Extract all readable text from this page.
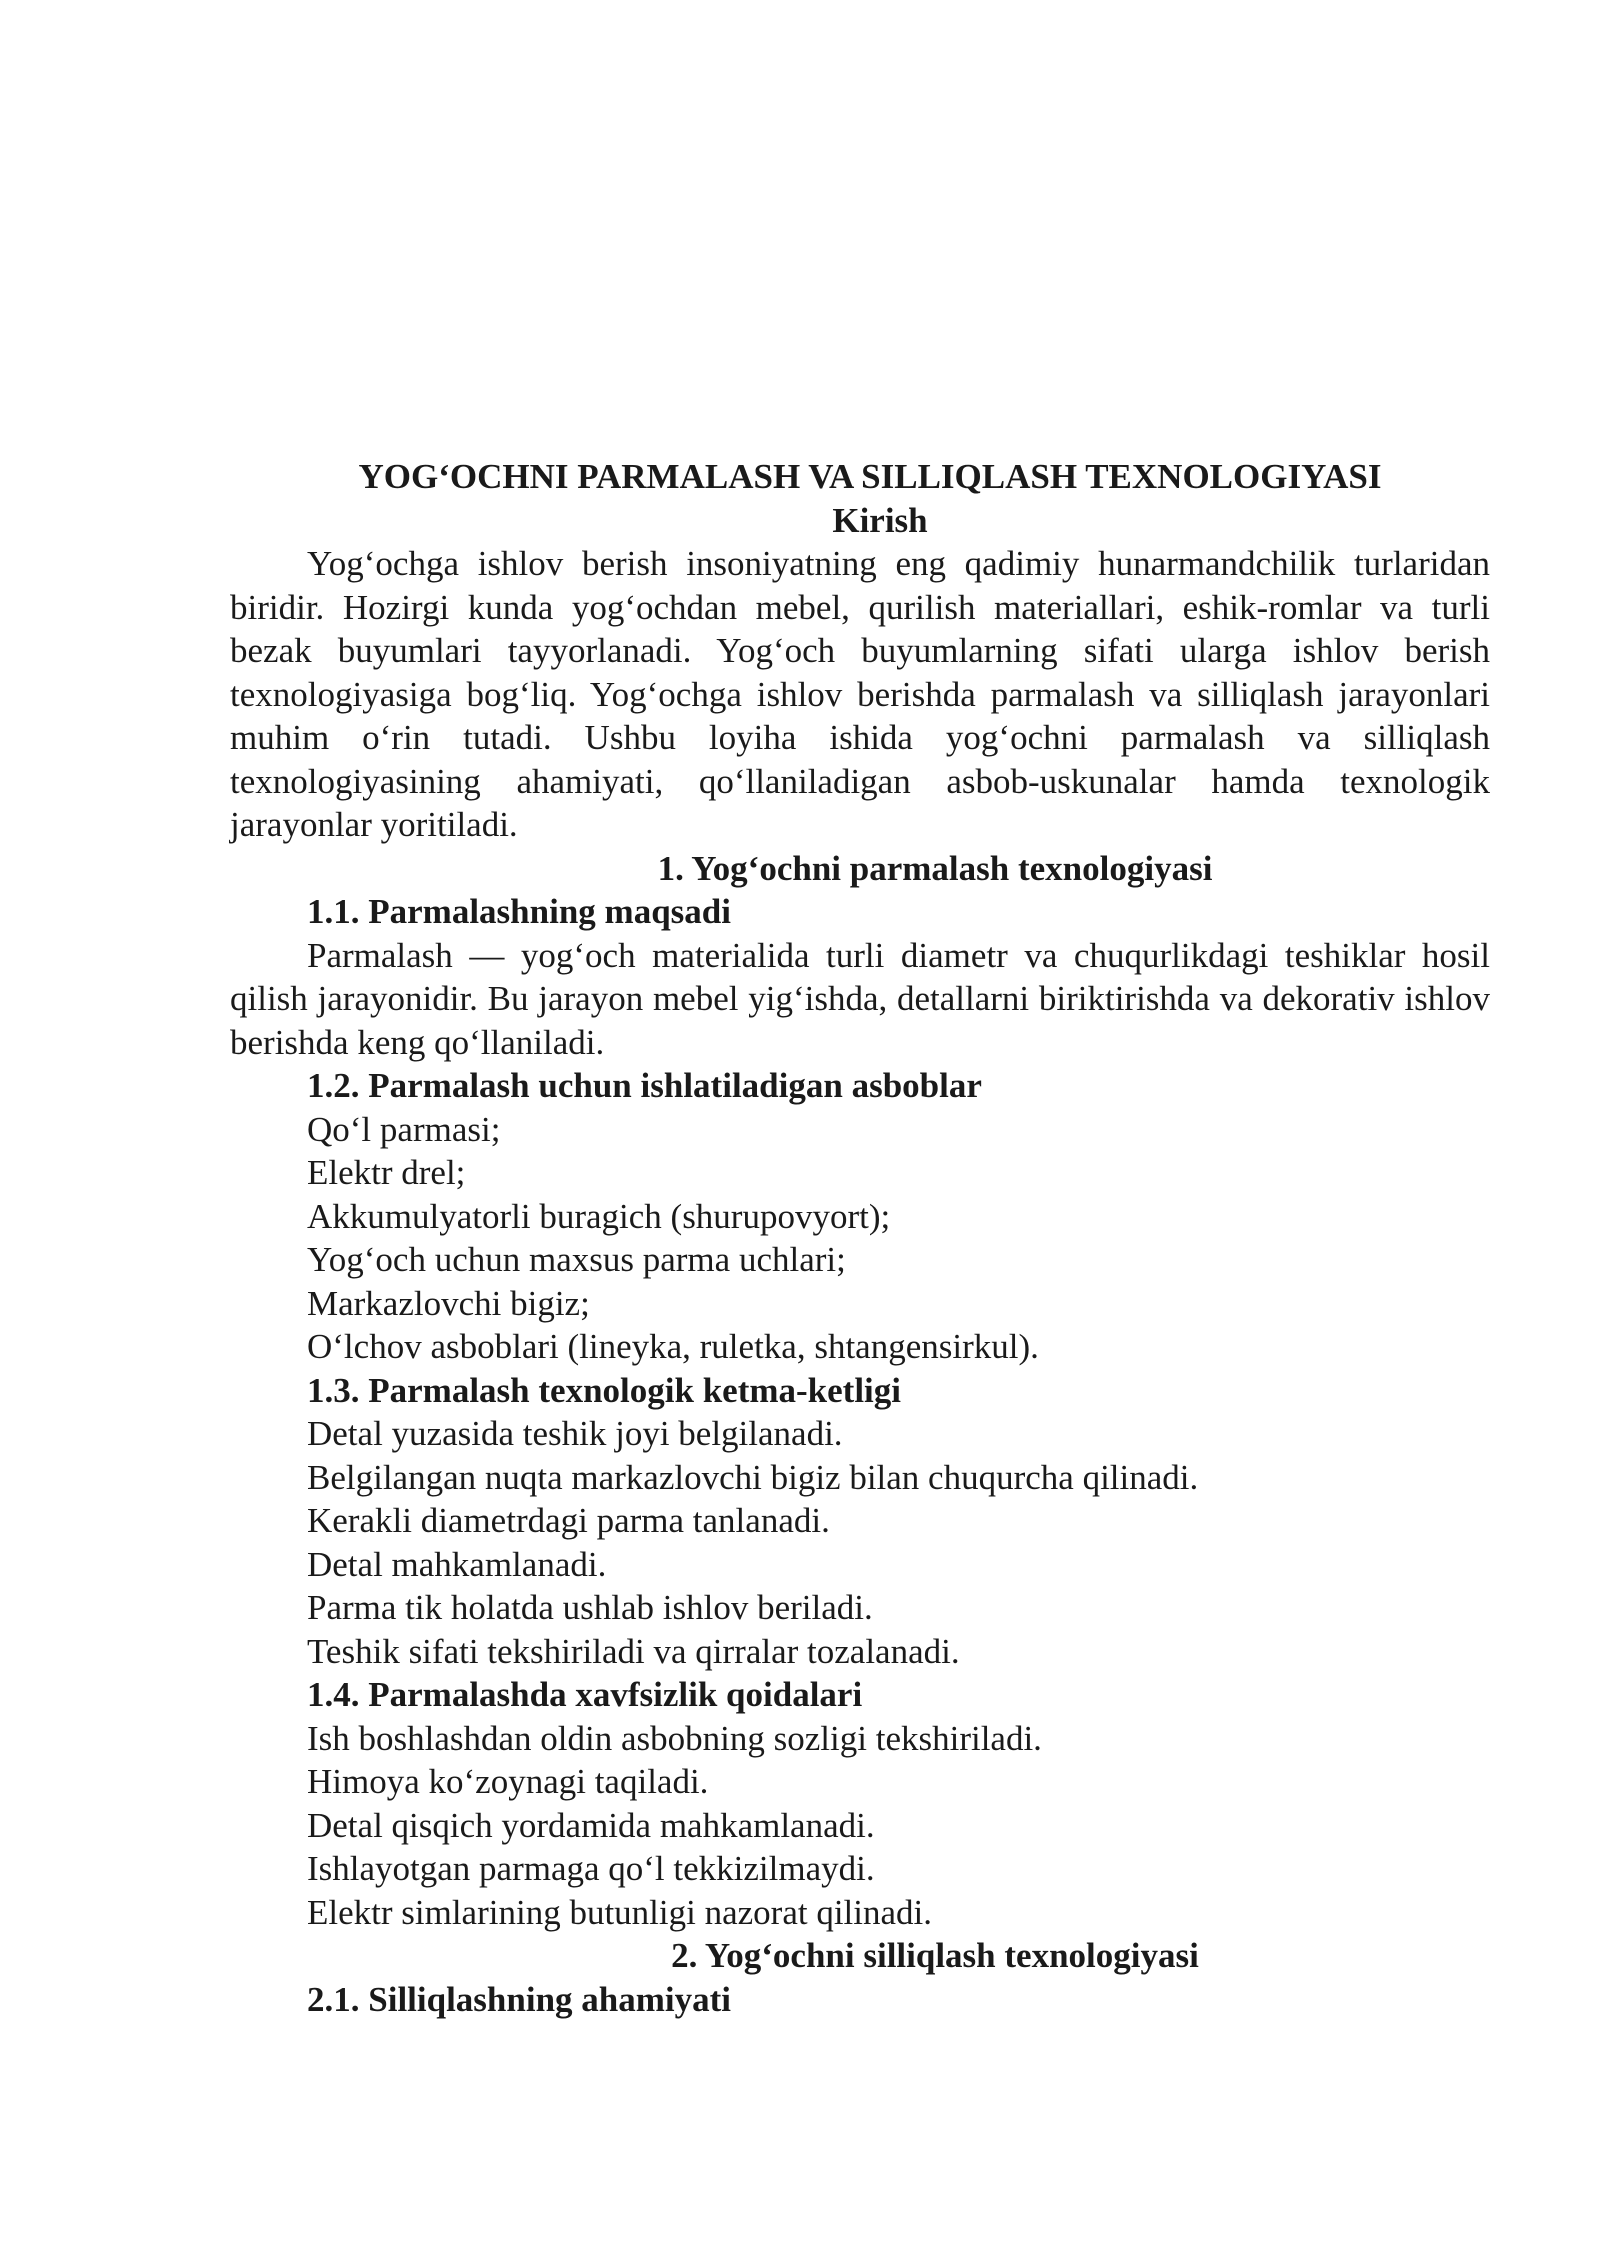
YOG‘OCHNI PARMALASH VA SILLIQLASH TEXNOLOGIYASI

Kirish

Yog‘ochga ishlov berish insoniyatning eng qadimiy hunarmandchilik turlaridan biridir. Hozirgi kunda yog‘ochdan mebel, qurilish materiallari, eshik-romlar va turli bezak buyumlari tayyorlanadi. Yog‘och buyumlarning sifati ularga ishlov berish texnologiyasiga bog‘liq. Yog‘ochga ishlov berishda parmalash va silliqlash jarayonlari muhim o‘rin tutadi. Ushbu loyiha ishida yog‘ochni parmalash va silliqlash texnologiyasining ahamiyati, qo‘llaniladigan asbob-uskunalar hamda texnologik jarayonlar yoritiladi.

1. Yog‘ochni parmalash texnologiyasi

1.1. Parmalashning maqsadi

Parmalash — yog‘och materialida turli diametr va chuqurlikdagi teshiklar hosil qilish jarayonidir. Bu jarayon mebel yig‘ishda, detallarni biriktirishda va dekorativ ishlov berishda keng qo‘llaniladi.

1.2. Parmalash uchun ishlatiladigan asboblar

Qo‘l parmasi;
Elektr drel;
Akkumulyatorli buragich (shurupovyort);
Yog‘och uchun maxsus parma uchlari;
Markazlovchi bigiz;
O‘lchov asboblari (lineyka, ruletka, shtangensirkul).

1.3. Parmalash texnologik ketma-ketligi

Detal yuzasida teshik joyi belgilanadi.
Belgilangan nuqta markazlovchi bigiz bilan chuqurcha qilinadi.
Kerakli diametrdagi parma tanlanadi.
Detal mahkamlanadi.
Parma tik holatda ushlab ishlov beriladi.
Teshik sifati tekshiriladi va qirralar tozalanadi.

1.4. Parmalashda xavfsizlik qoidalari

Ish boshlashdan oldin asbobning sozligi tekshiriladi.
Himoya ko‘zoynagi taqiladi.
Detal qisqich yordamida mahkamlanadi.
Ishlayotgan parmaga qo‘l tekkizilmaydi.
Elektr simlarining butunligi nazorat qilinadi.

2. Yog‘ochni silliqlash texnologiyasi

2.1. Silliqlashning ahamiyati
